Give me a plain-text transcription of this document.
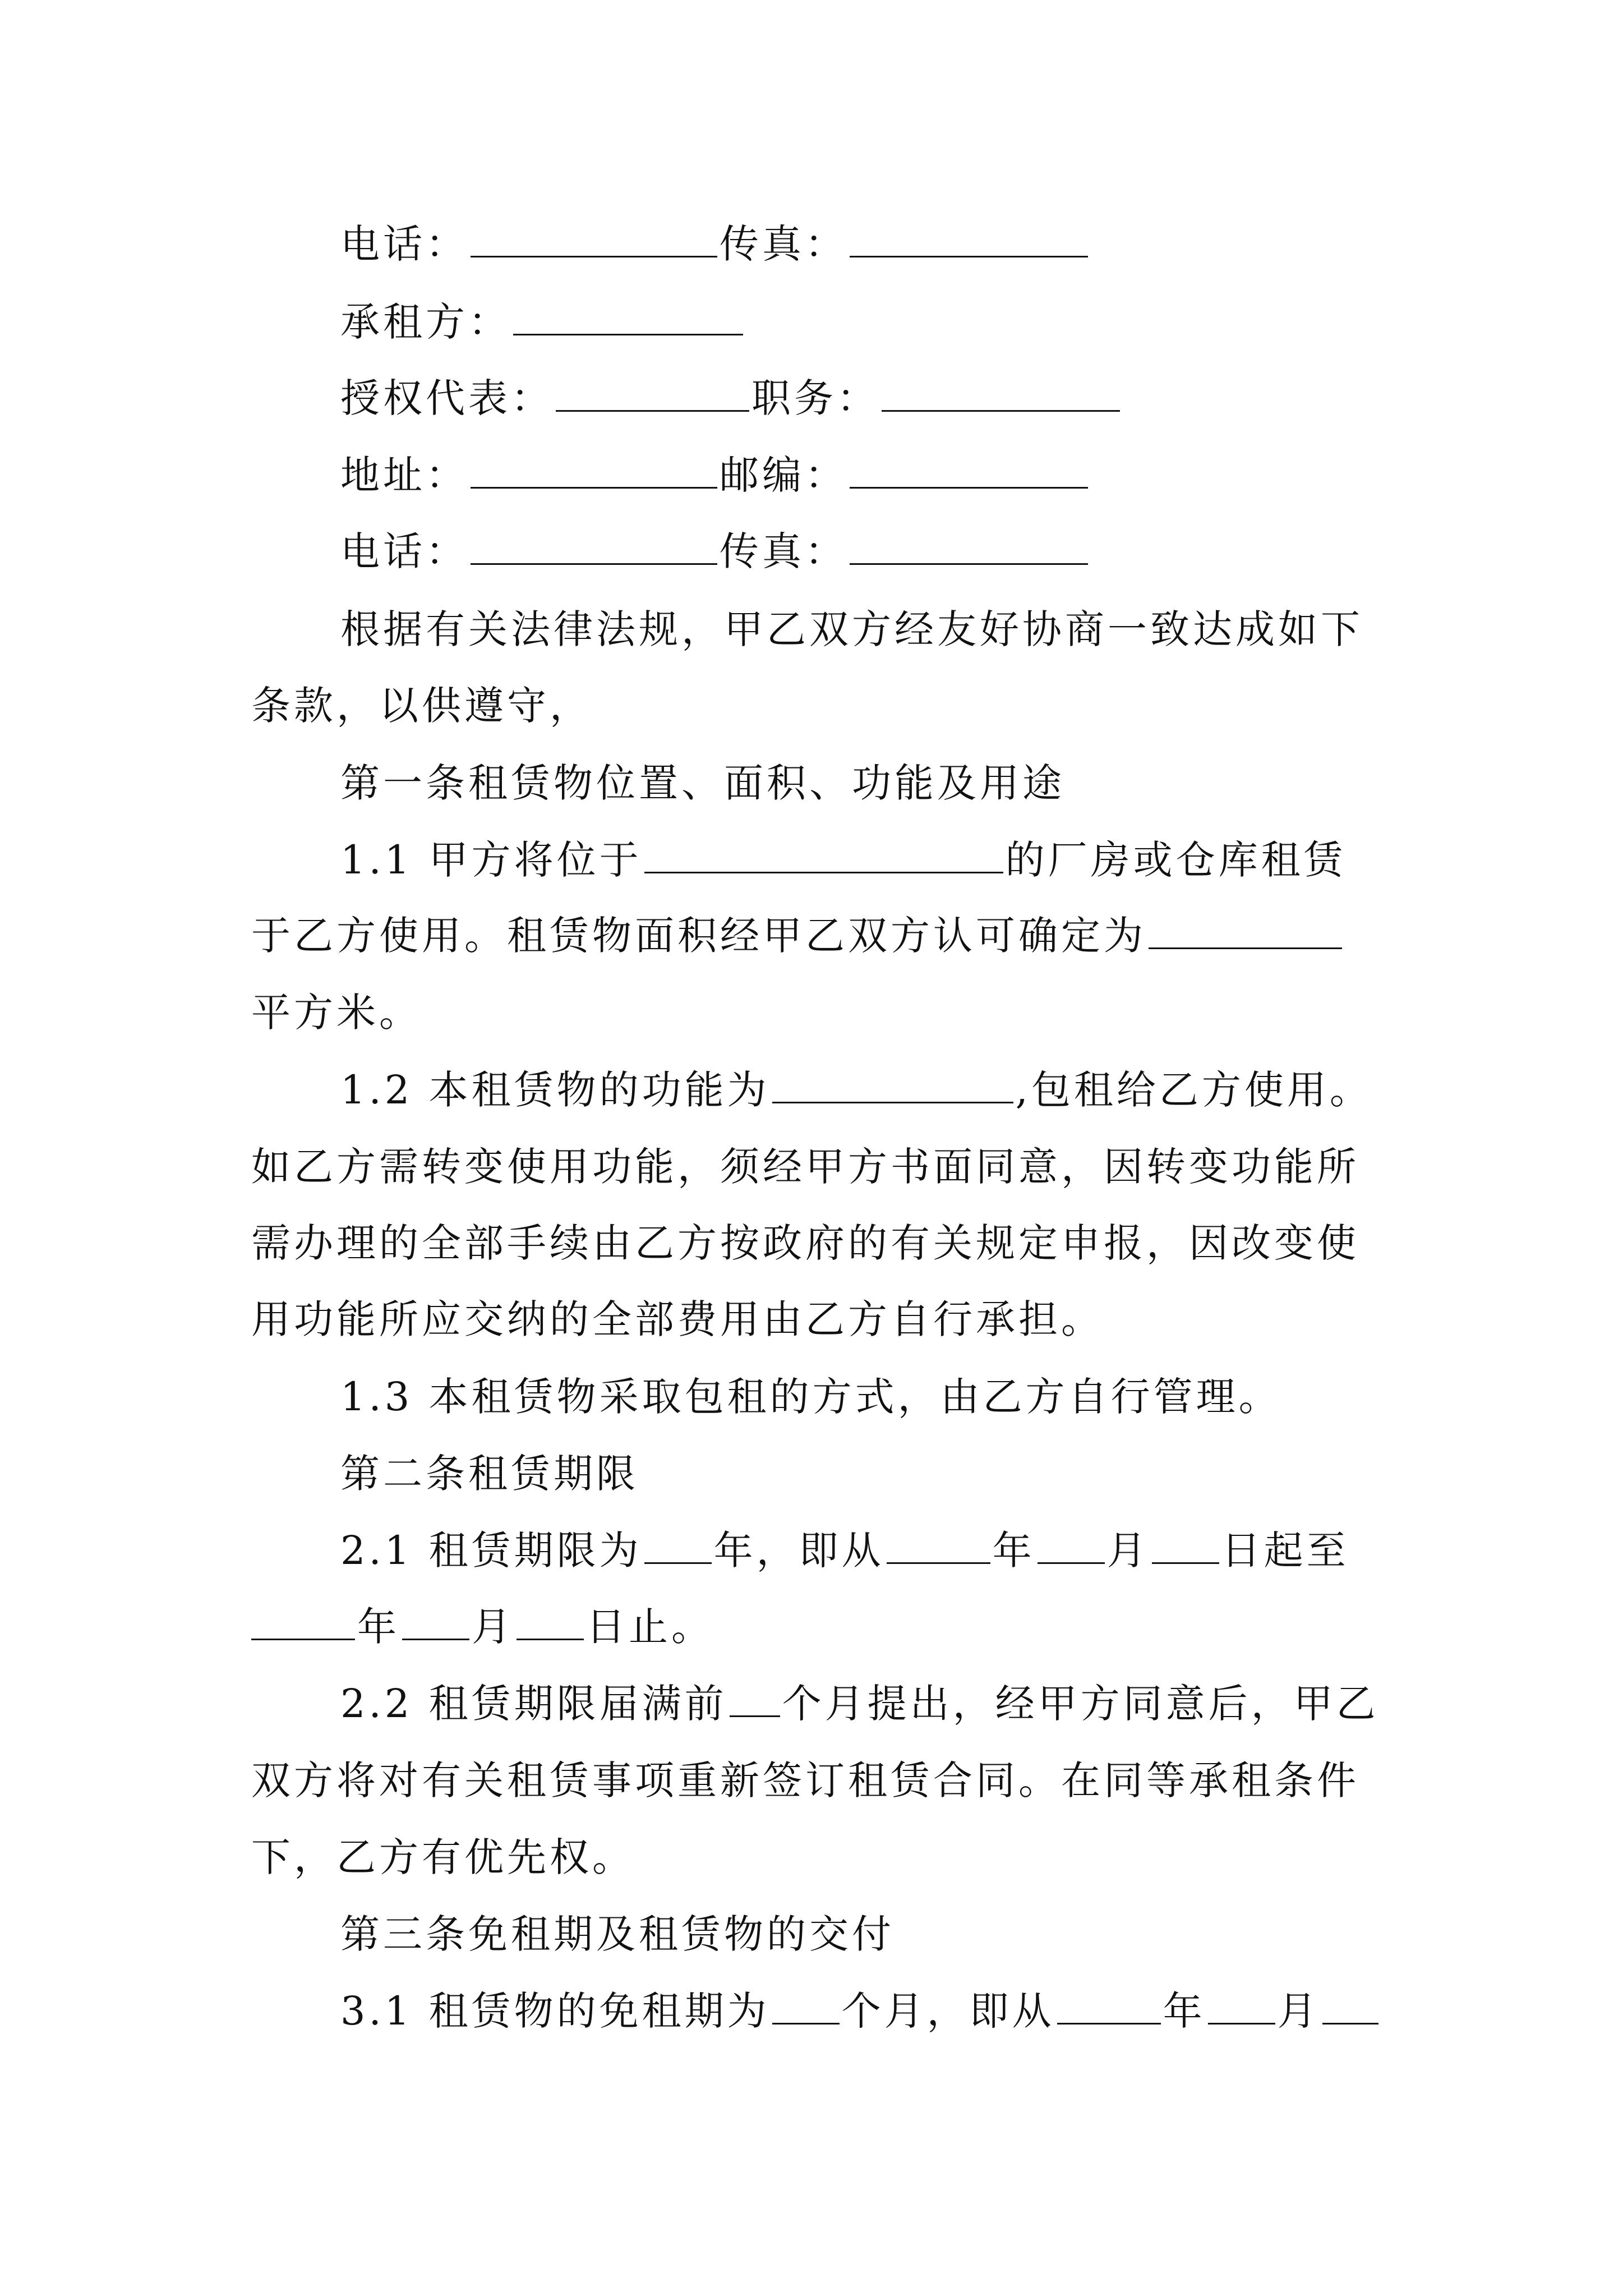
电话：	传真：
承租方：
授权代表：	职务：
地址：	邮编：
电话：	传真：
根据有关法律法规，甲乙双方经友好协商一致达成如下
条款，以供遵守，
第一条租赁物位置、面积、功能及用途
1.1 甲方将位于	的厂房或仓库租赁
于乙方使用。租赁物面积经甲乙双方认可确定为
平方米。
1.2 本租赁物的功能为	,包租给乙方使用。
如乙方需转变使用功能，须经甲方书面同意，因转变功能所
需办理的全部手续由乙方按政府的有关规定申报，因改变使
用功能所应交纳的全部费用由乙方自行承担。
1.3 本租赁物采取包租的方式，由乙方自行管理。
第二条租赁期限
2.1 租赁期限为 年，即从	年 月 日起至
年 月 日止。
2.2 租赁期限届满前 个月提出，经甲方同意后，甲乙
双方将对有关租赁事项重新签订租赁合同。在同等承租条件
下，乙方有优先权。
第三条免租期及租赁物的交付
3.1 租赁物的免租期为 个月，即从	年 月
